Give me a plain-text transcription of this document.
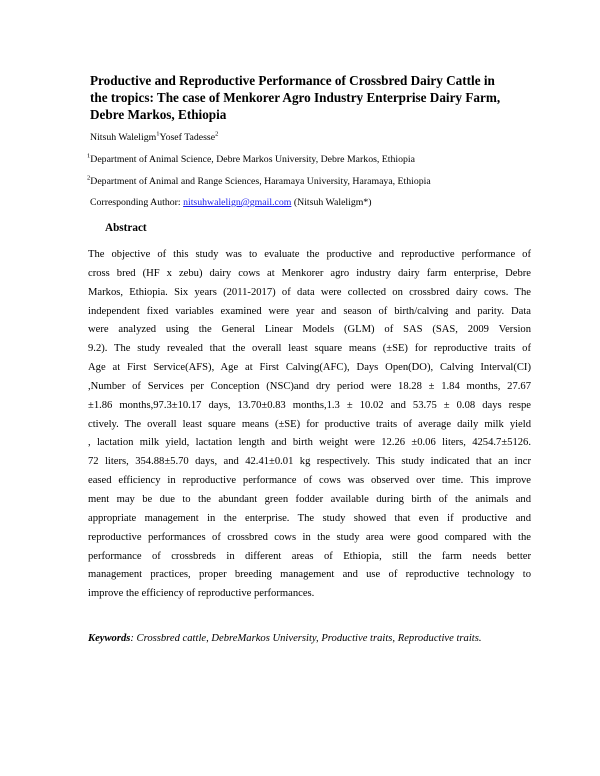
Productive and Reproductive Performance of Crossbred Dairy Cattle in
the tropics: The case of Menkorer Agro Industry Enterprise Dairy Farm,
Debre Markos, Ethiopia
Nitsuh Waleligm$^1$Yosef Tadesse$^2$
$^1$Department of Animal Science, Debre Markos University, Debre Markos, Ethiopia
$^2$Department of Animal and Range Sciences, Haramaya University, Haramaya, Ethiopia
Corresponding Author: nitsuhwalelign@gmail.com (Nitsuh Waleligm*)
Abstract
The objective of this study was to evaluate the productive and reproductive performance of
cross bred (HF x zebu) dairy cows at Menkorer agro industry dairy farm enterprise, Debre
Markos, Ethiopia. Six years (2011-2017) of data were collected on crossbred dairy cows. The
independent fixed variables examined were year and season of birth/calving and parity. Data
were analyzed using the General Linear Models (GLM) of SAS (SAS, 2009 Version
9.2). The study revealed that the overall least square means (±SE) for reproductive traits of
Age at First Service(AFS), Age at First Calving(AFC), Days Open(DO), Calving Interval(CI)
,Number of Services per Conception (NSC)and dry period were 18.28 ± 1.84 months, 27.67
±1.86 months,97.3±10.17 days, 13.70±0.83 months,1.3 ± 10.02 and 53.75 ± 0.08 days respe
ctively. The overall least square means (±SE) for productive traits of average daily milk yield
, lactation milk yield, lactation length and birth weight were 12.26 ±0.06 liters, 4254.7±5126.
72 liters, 354.88±5.70 days, and 42.41±0.01 kg respectively. This study indicated that an incr
eased efficiency in reproductive performance of cows was observed over time. This improve
ment may be due to the abundant green fodder available during birth of the animals and
appropriate management in the enterprise. The study showed that even if productive and
reproductive performances of crossbred cows in the study area were good compared with the
performance of crossbreds in different areas of Ethiopia, still the farm needs better
management practices, proper breeding management and use of reproductive technology to
improve the efficiency of reproductive performances.
Keywords: Crossbred cattle, DebreMarkos University, Productive traits, Reproductive traits.
